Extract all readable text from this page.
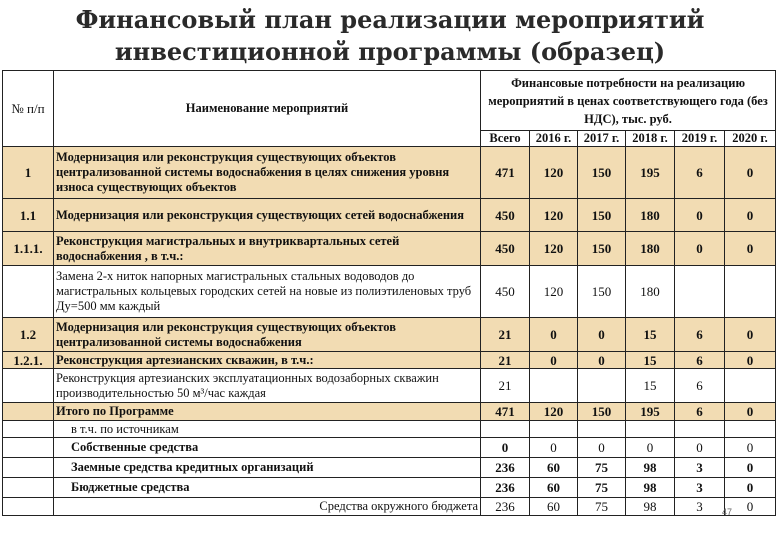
Финансовый план реализации мероприятий
инвестиционной программы (образец)
№ п/п	Наименование мероприятий	Финансовые потребности на реализацию мероприятий в ценах соответствующего года (без НДС), тыс. руб.					
		Всего	2016 г.	2017 г.	2018 г.	2019 г.	2020 г.
1	Модернизация или реконструкция существующих объектов централизованной системы водоснабжения в целях снижения уровня износа существующих объектов	471	120	150	195	6	0
1.1	Модернизация или реконструкция существующих сетей водоснабжения	450	120	150	180	0	0
1.1.1.	Реконструкция магистральных и внутриквартальных сетей водоснабжения , в т.ч.:	450	120	150	180	0	0
	Замена 2-х ниток напорных магистральных стальных водоводов до магистральных кольцевых городских сетей на новые из полиэтиленовых труб Ду=500 мм каждый	450	120	150	180		
1.2	Модернизация или реконструкция существующих объектов централизованной системы водоснабжения	21	0	0	15	6	0
1.2.1.	Реконструкция артезианских скважин, в т.ч.:	21	0	0	15	6	0
	Реконструкция артезианских эксплуатационных водозаборных скважин производительностью 50 м³/час каждая	21			15	6	
	Итого по Программе	471	120	150	195	6	0
	в т.ч. по источникам						
	Собственные средства	0	0	0	0	0	0
	Заемные средства кредитных организаций	236	60	75	98	3	0
	Бюджетные средства	236	60	75	98	3	0
	Средства окружного бюджета	236	60	75	98	3	0
47
